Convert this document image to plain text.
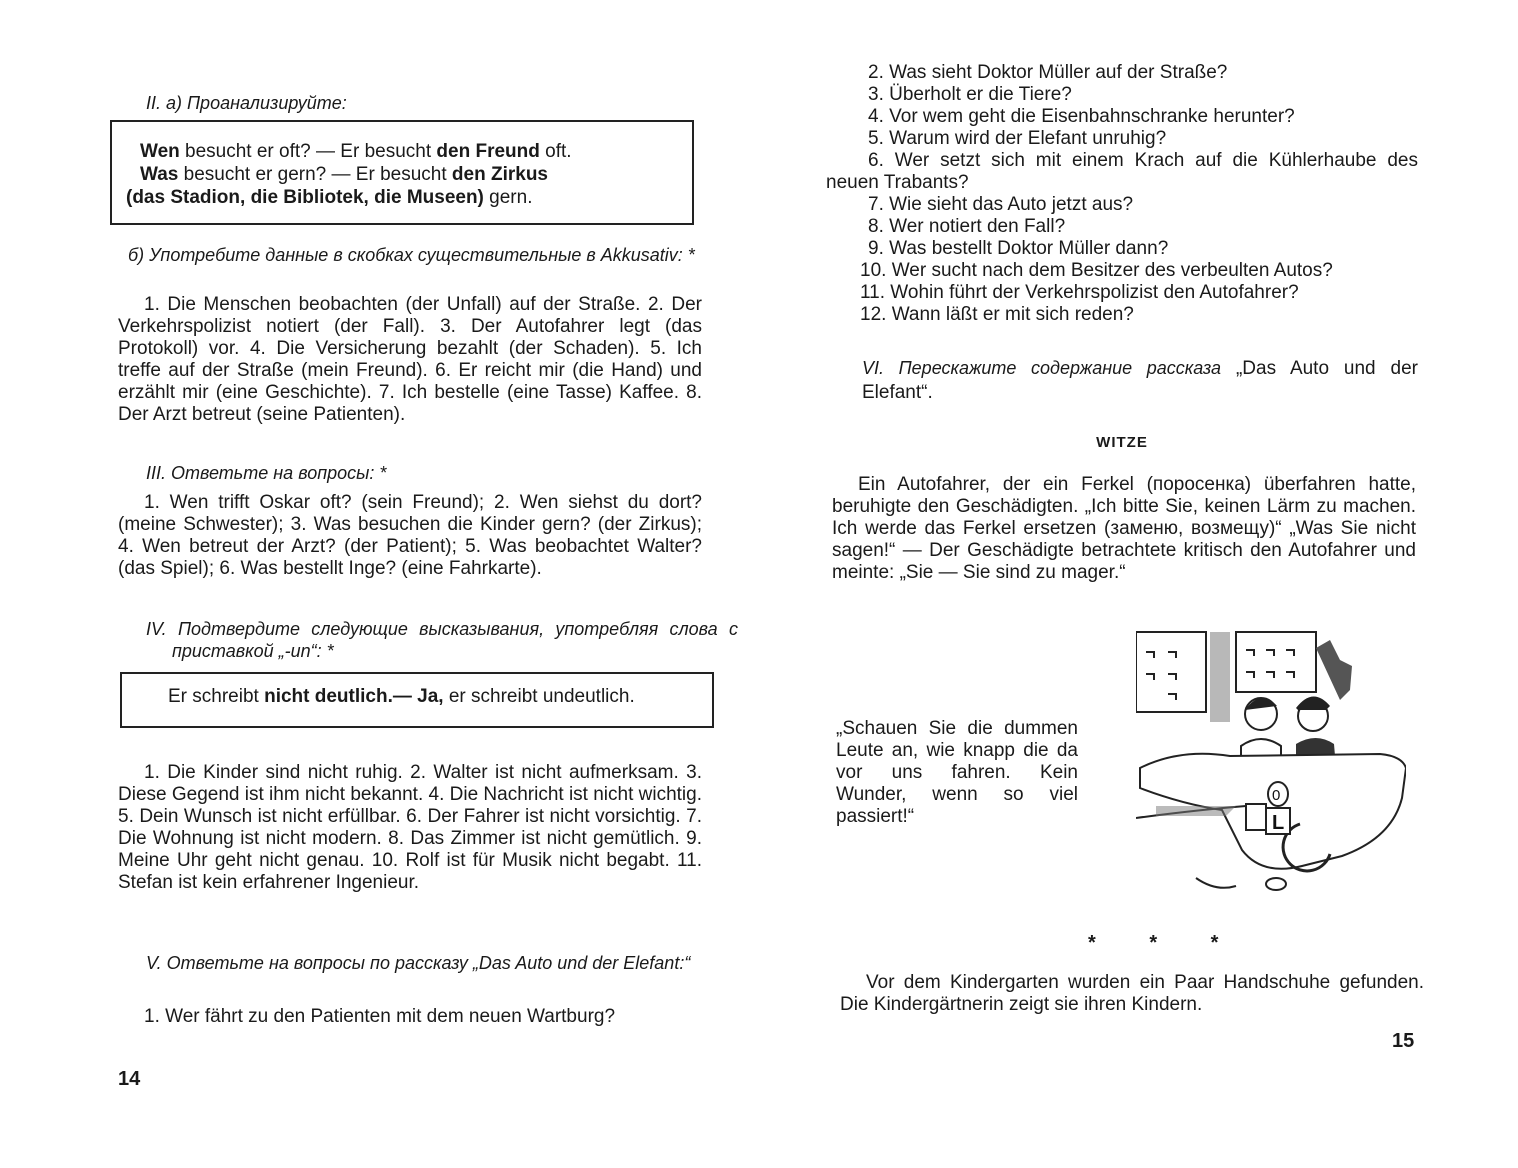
II. а) Проанализируйте:

Wen besucht er oft? — Er besucht den Freund oft.
Was besucht er gern? — Er besucht den Zirkus
(das Stadion, die Bibliotek, die Museen) gern.

б) Употребите данные в скобках существительные в Akkusativ: *

1. Die Menschen beobachten (der Unfall) auf der Straße. 2. Der Verkehrspolizist notiert (der Fall). 3. Der Autofahrer legt (das Protokoll) vor. 4. Die Versicherung bezahlt (der Schaden). 5. Ich treffe auf der Straße (mein Freund). 6. Er reicht mir (die Hand) und erzählt mir (eine Geschichte). 7. Ich bestelle (eine Tasse) Kaffee. 8. Der Arzt betreut (seine Patienten).

III. Ответьте на вопросы: *

1. Wen trifft Oskar oft? (sein Freund); 2. Wen siehst du dort? (meine Schwester); 3. Was besuchen die Kinder gern? (der Zirkus); 4. Wen betreut der Arzt? (der Patient); 5. Was beobachtet Walter? (das Spiel); 6. Was bestellt Inge? (eine Fahrkarte).

IV. Подтвердите следующие высказывания, употребляя слова с приставкой „-un“: *

Er schreibt nicht deutlich.— Ja, er schreibt undeutlich.

1. Die Kinder sind nicht ruhig. 2. Walter ist nicht aufmerksam. 3. Diese Gegend ist ihm nicht bekannt. 4. Die Nachricht ist nicht wichtig. 5. Dein Wunsch ist nicht erfüllbar. 6. Der Fahrer ist nicht vorsichtig. 7. Die Wohnung ist nicht modern. 8. Das Zimmer ist nicht gemütlich. 9. Meine Uhr geht nicht genau. 10. Rolf ist für Musik nicht begabt. 11. Stefan ist kein erfahrener Ingenieur.

V. Ответьте на вопросы по рассказу „Das Auto und der Elefant:“

1. Wer fährt zu den Patienten mit dem neuen Wartburg?

14
2. Was sieht Doktor Müller auf der Straße?
3. Überholt er die Tiere?
4. Vor wem geht die Eisenbahnschranke herunter?
5. Warum wird der Elefant unruhig?
6. Wer setzt sich mit einem Krach auf die Kühlerhaube des neuen Trabants?
7. Wie sieht das Auto jetzt aus?
8. Wer notiert den Fall?
9. Was bestellt Doktor Müller dann?
10. Wer sucht nach dem Besitzer des verbeulten Autos?
11. Wohin führt der Verkehrspolizist den Autofahrer?
12. Wann läßt er mit sich reden?
VI. Перескажите содержание рассказа „Das Auto und der Elefant“.
WITZE

Ein Autofahrer, der ein Ferkel (поросенка) überfahren hatte, beruhigte den Geschädigten. „Ich bitte Sie, keinen Lärm zu machen. Ich werde das Ferkel ersetzen (заменю, возмещу)“ „Was Sie nicht sagen!“ — Der Geschädigte betrachtete kritisch den Autofahrer und meinte: „Sie — Sie sind zu mager.“

„Schauen Sie die dummen Leute an, wie knapp die da vor uns fahren. Kein Wunder, wenn so viel passiert!“	L
0
* * *

Vor dem Kindergarten wurden ein Paar Handschuhe gefunden. Die Kindergärtnerin zeigt sie ihren Kindern.

15
